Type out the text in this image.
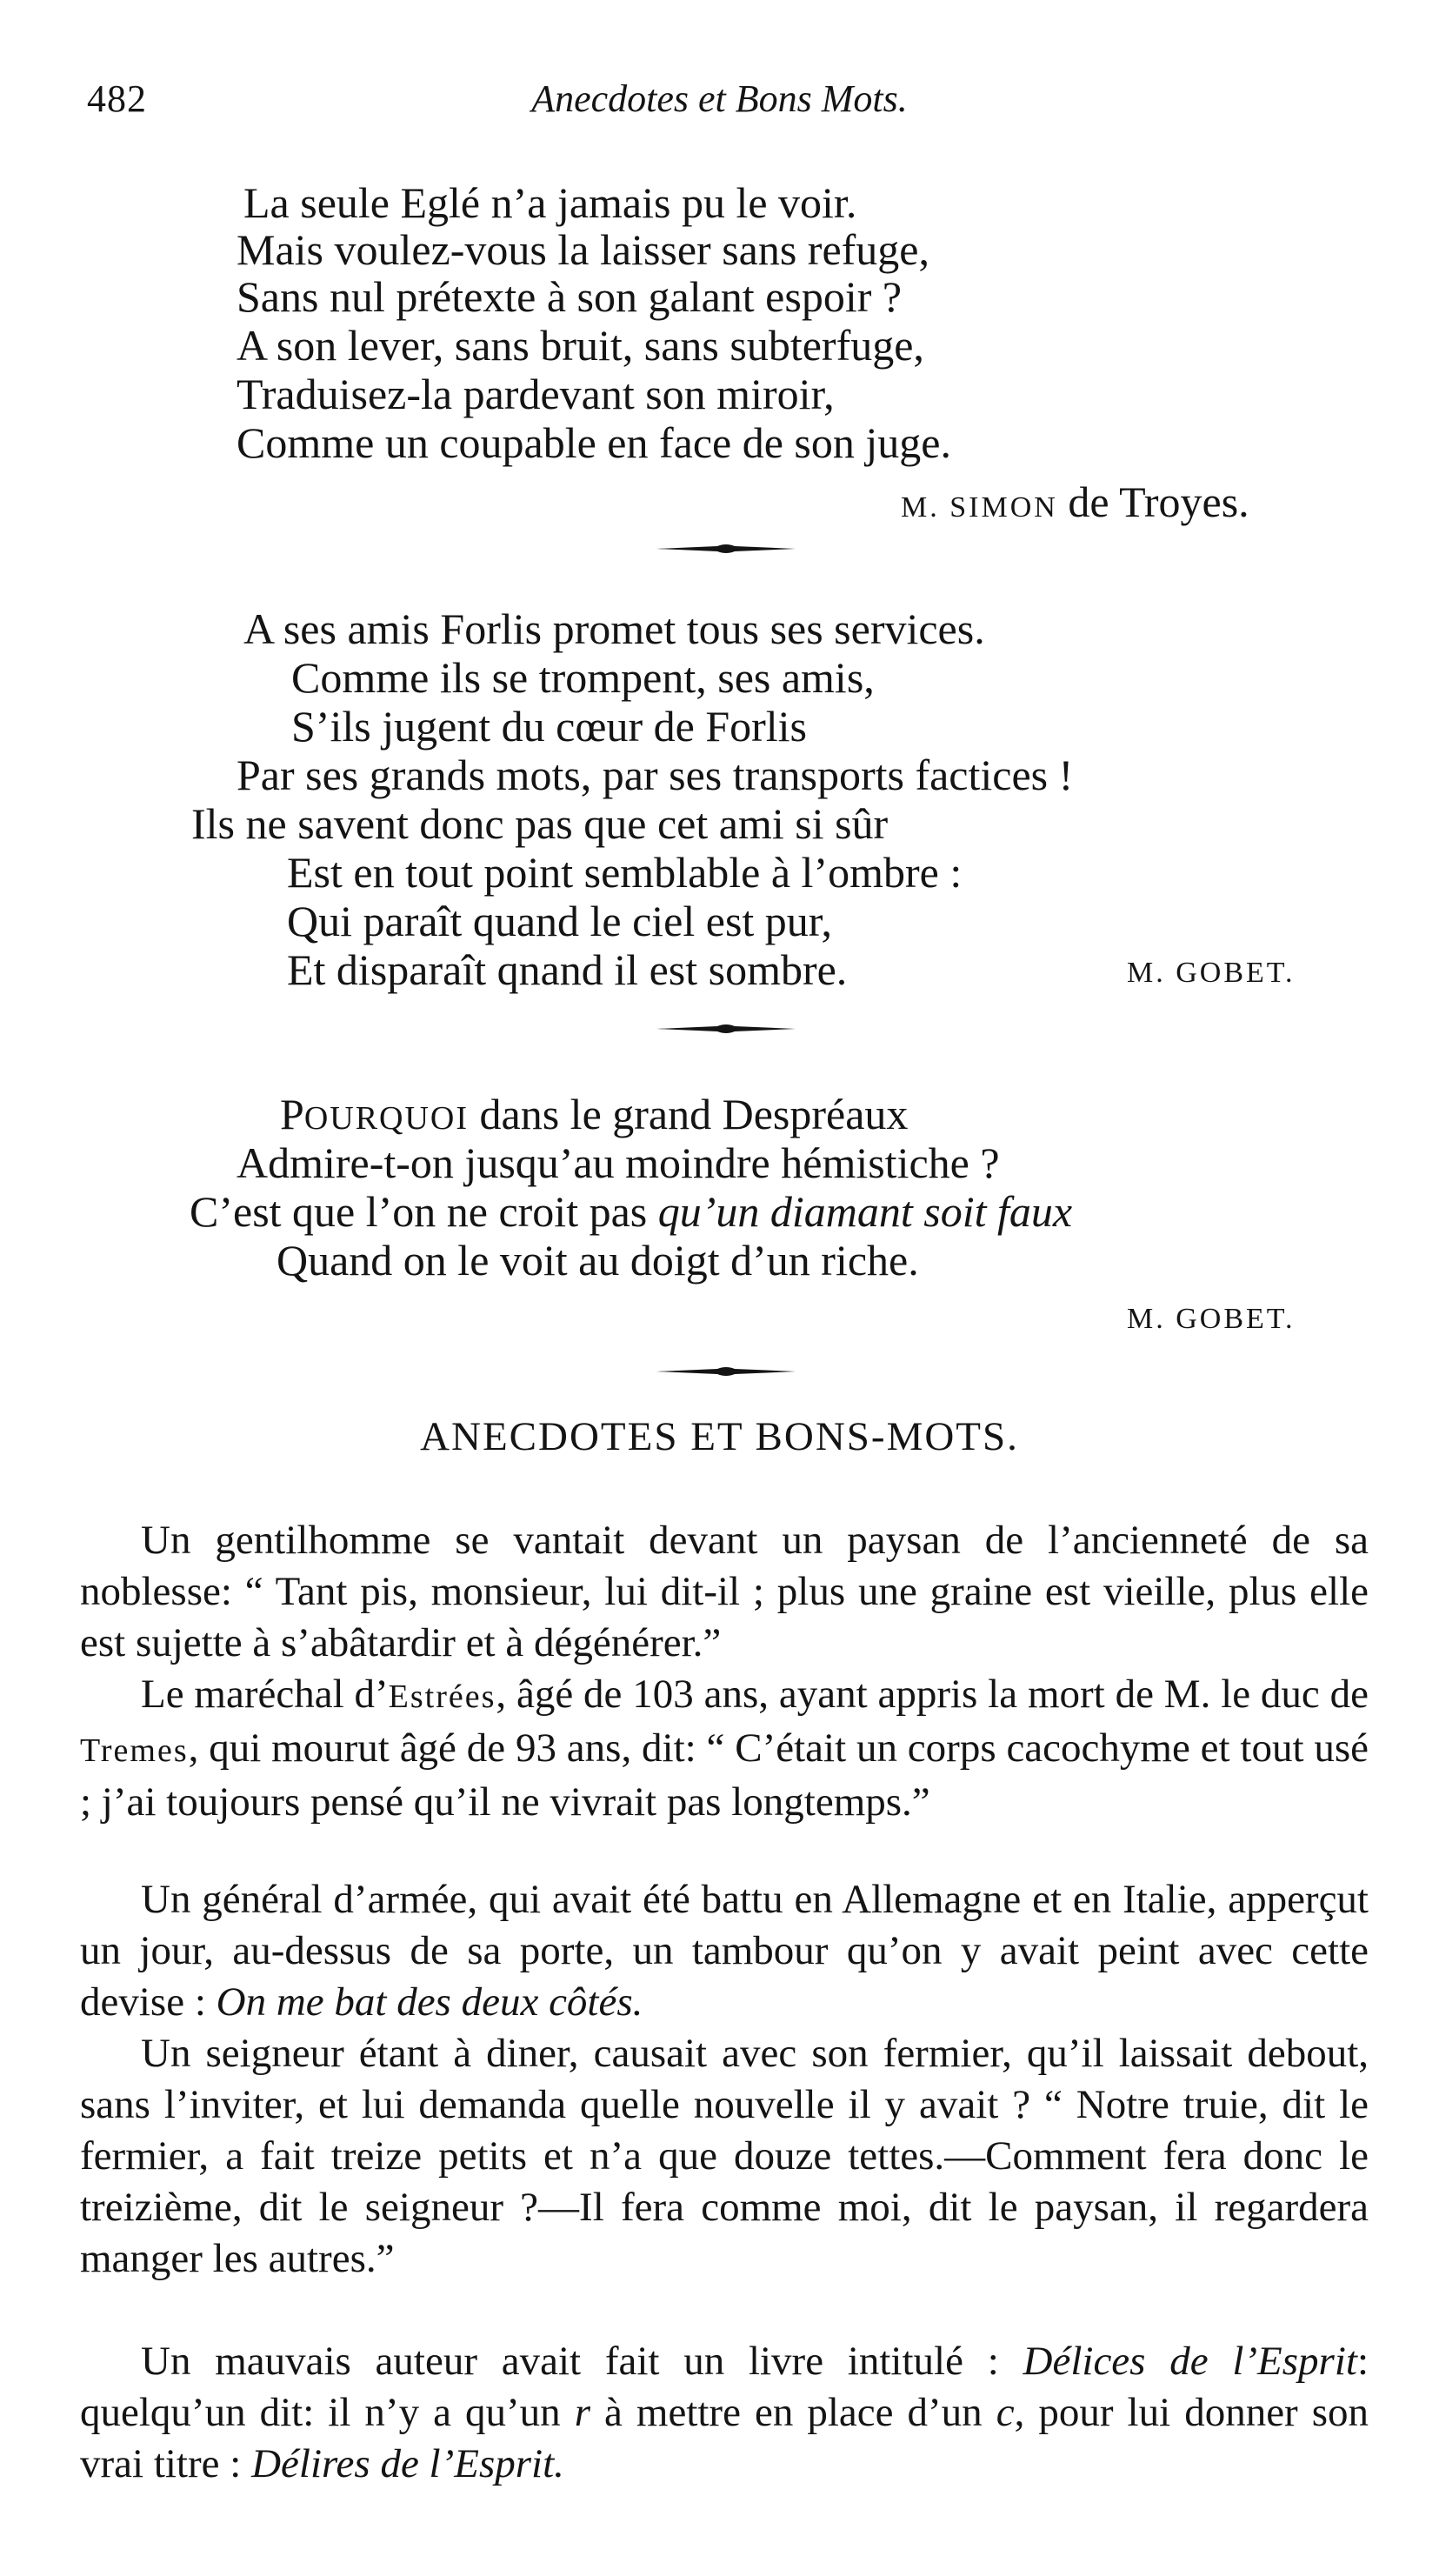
482	Anecdotes et Bons Mots.
La seule Eglé n’a jamais pu le voir.
Mais voulez-vous la laisser sans refuge,
Sans nul prétexte à son galant espoir ?
A son lever, sans bruit, sans subterfuge,
Traduisez-la pardevant son miroir,
Comme un coupable en face de son juge.
M. SIMON de Troyes.
A ses amis Forlis promet tous ses services.
Comme ils se trompent, ses amis,
S’ils jugent du cœur de Forlis
Par ses grands mots, par ses transports factices !
Ils ne savent donc pas que cet ami si sûr
Est en tout point semblable à l’ombre :
Qui paraît quand le ciel est pur,
Et disparaît qnand il est sombre.	M. GOBET.
POURQUOI dans le grand Despréaux
Admire-t-on jusqu’au moindre hémistiche ?
C’est que l’on ne croit pas qu’un diamant soit faux
Quand on le voit au doigt d’un riche.
M. GOBET.
ANECDOTES ET BONS-MOTS.

Un gentilhomme se vantait devant un paysan de l’ancienneté de sa noblesse: “ Tant pis, monsieur, lui dit-il ; plus une graine est vieille, plus elle est sujette à s’abâtardir et à dégénérer.”

Le maréchal d’Estrées, âgé de 103 ans, ayant appris la mort de M. le duc de Tremes, qui mourut âgé de 93 ans, dit: “ C’était un corps cacochyme et tout usé ; j’ai toujours pensé qu’il ne vivrait pas longtemps.”

Un général d’armée, qui avait été battu en Allemagne et en Italie, apperçut un jour, au-dessus de sa porte, un tambour qu’on y avait peint avec cette devise : On me bat des deux côtés.

Un seigneur étant à diner, causait avec son fermier, qu’il laissait debout, sans l’inviter, et lui demanda quelle nouvelle il y avait ? “ Notre truie, dit le fermier, a fait treize petits et n’a que douze tettes.—Comment fera donc le treizième, dit le seigneur ?—Il fera comme moi, dit le paysan, il regardera manger les autres.”

Un mauvais auteur avait fait un livre intitulé : Délices de l’Esprit: quelqu’un dit: il n’y a qu’un r à mettre en place d’un c, pour lui donner son vrai titre : Délires de l’Esprit.
